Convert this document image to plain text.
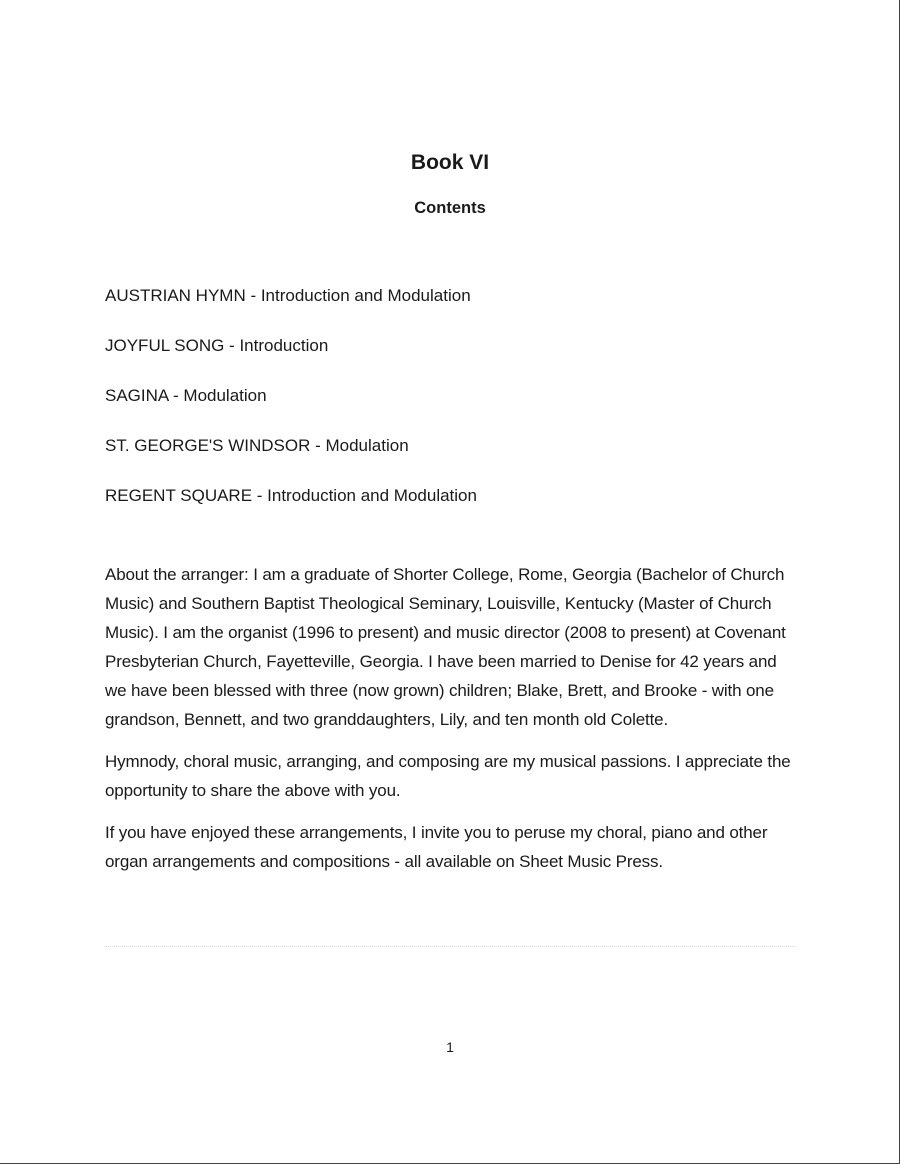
Book VI
Contents
AUSTRIAN HYMN - Introduction and Modulation
JOYFUL SONG - Introduction
SAGINA - Modulation
ST. GEORGE'S WINDSOR - Modulation
REGENT SQUARE - Introduction and Modulation

About the arranger: I am a graduate of Shorter College, Rome, Georgia (Bachelor of Church Music) and Southern Baptist Theological Seminary, Louisville, Kentucky (Master of Church Music). I am the organist (1996 to present) and music director (2008 to present) at Covenant Presbyterian Church, Fayetteville, Georgia. I have been married to Denise for 42 years and we have been blessed with three (now grown) children; Blake, Brett, and Brooke - with one grandson, Bennett, and two granddaughters, Lily, and ten month old Colette.

Hymnody, choral music, arranging, and composing are my musical passions. I appreciate the opportunity to share the above with you.

If you have enjoyed these arrangements, I invite you to peruse my choral, piano and other organ arrangements and compositions - all available on Sheet Music Press.

1
